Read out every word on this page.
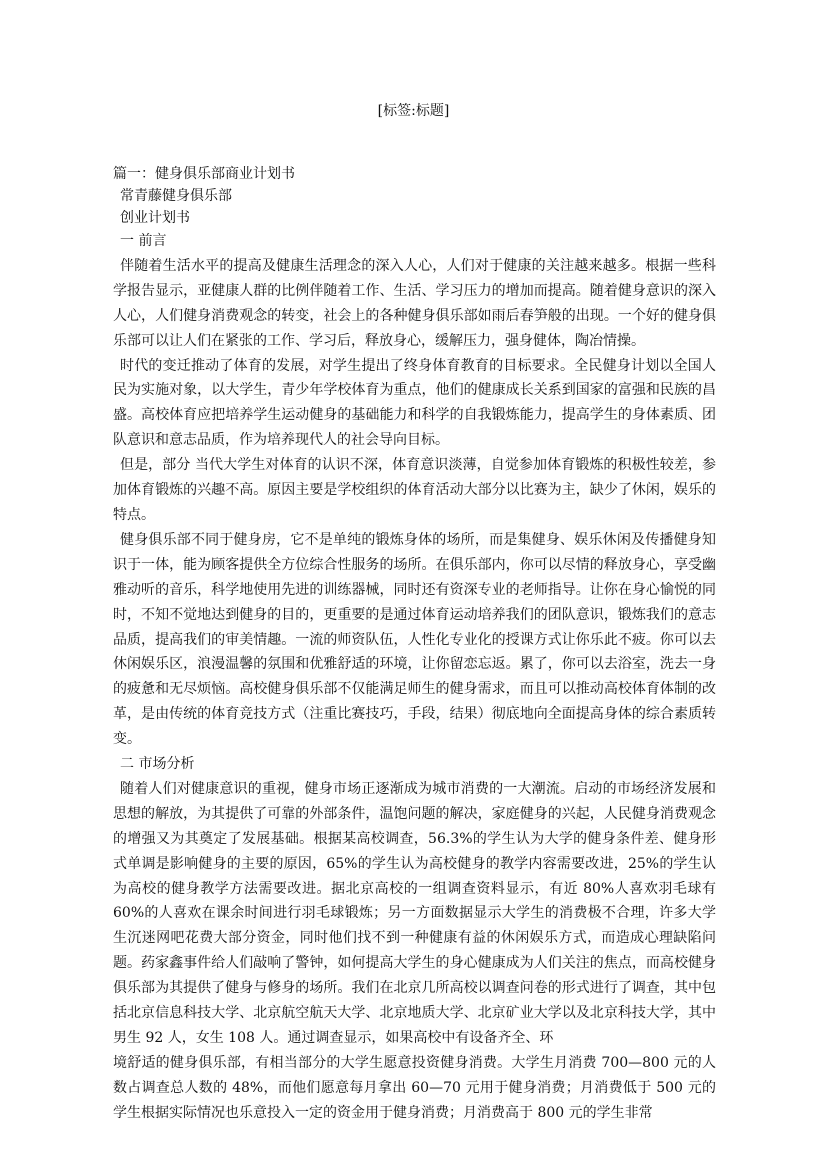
[标签:标题]

篇一：健身俱乐部商业计划书

常青藤健身俱乐部

创业计划书

一 前言

伴随着生活水平的提高及健康生活理念的深入人心，人们对于健康的关注越来越多。根据一些科学报告显示，亚健康人群的比例伴随着工作、生活、学习压力的增加而提高。随着健身意识的深入人心，人们健身消费观念的转变，社会上的各种健身俱乐部如雨后春笋般的出现。一个好的健身俱乐部可以让人们在紧张的工作、学习后，释放身心，缓解压力，强身健体，陶冶情操。

时代的变迁推动了体育的发展，对学生提出了终身体育教育的目标要求。全民健身计划以全国人民为实施对象，以大学生，青少年学校体育为重点，他们的健康成长关系到国家的富强和民族的昌盛。高校体育应把培养学生运动健身的基础能力和科学的自我锻炼能力，提高学生的身体素质、团队意识和意志品质，作为培养现代人的社会导向目标。

但是，部分 当代大学生对体育的认识不深，体育意识淡薄，自觉参加体育锻炼的积极性较差，参加体育锻炼的兴趣不高。原因主要是学校组织的体育活动大部分以比赛为主，缺少了休闲，娱乐的特点。

健身俱乐部不同于健身房，它不是单纯的锻炼身体的场所，而是集健身、娱乐休闲及传播健身知识于一体，能为顾客提供全方位综合性服务的场所。在俱乐部内，你可以尽情的释放身心，享受幽雅动听的音乐，科学地使用先进的训练器械，同时还有资深专业的老师指导。让你在身心愉悦的同时，不知不觉地达到健身的目的，更重要的是通过体育运动培养我们的团队意识，锻炼我们的意志品质，提高我们的审美情趣。一流的师资队伍，人性化专业化的授课方式让你乐此不疲。你可以去休闲娱乐区，浪漫温馨的氛围和优雅舒适的环境，让你留恋忘返。累了，你可以去浴室，洗去一身的疲惫和无尽烦恼。高校健身俱乐部不仅能满足师生的健身需求，而且可以推动高校体育体制的改革，是由传统的体育竞技方式（注重比赛技巧，手段，结果）彻底地向全面提高身体的综合素质转变。

二 市场分析

随着人们对健康意识的重视，健身市场正逐渐成为城市消费的一大潮流。启动的市场经济发展和思想的解放，为其提供了可靠的外部条件，温饱问题的解决，家庭健身的兴起，人民健身消费观念的增强又为其奠定了发展基础。根据某高校调查，56.3%的学生认为大学的健身条件差、健身形式单调是影响健身的主要的原因，65%的学生认为高校健身的教学内容需要改进，25%的学生认为高校的健身教学方法需要改进。据北京高校的一组调查资料显示，有近 80%人喜欢羽毛球有 60%的人喜欢在课余时间进行羽毛球锻炼；另一方面数据显示大学生的消费极不合理，许多大学生沉迷网吧花费大部分资金，同时他们找不到一种健康有益的休闲娱乐方式，而造成心理缺陷问题。药家鑫事件给人们敲响了警钟，如何提高大学生的身心健康成为人们关注的焦点，而高校健身俱乐部为其提供了健身与修身的场所。我们在北京几所高校以调查问卷的形式进行了调查，其中包括北京信息科技大学、北京航空航天大学、北京地质大学、北京矿业大学以及北京科技大学，其中男生 92 人，女生 108 人。通过调查显示，如果高校中有设备齐全、环

境舒适的健身俱乐部，有相当部分的大学生愿意投资健身消费。大学生月消费 700—800 元的人数占调查总人数的 48%，而他们愿意每月拿出 60—70 元用于健身消费；月消费低于 500 元的学生根据实际情况也乐意投入一定的资金用于健身消费；月消费高于 800 元的学生非常
